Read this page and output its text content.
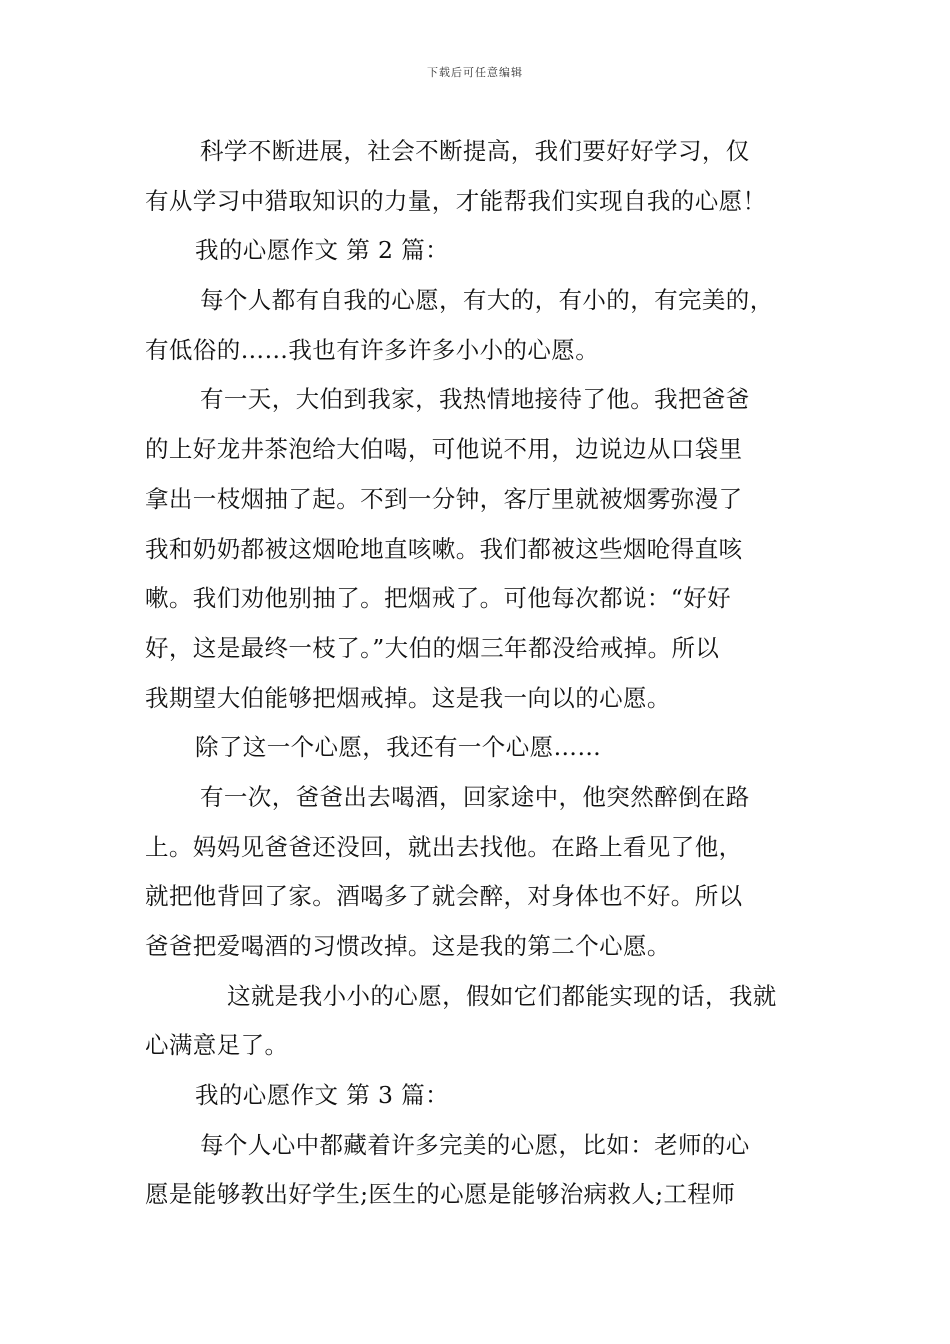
下载后可任意编辑
科学不断进展，社会不断提高，我们要好好学习，仅
有从学习中猎取知识的力量，才能帮我们实现自我的心愿！
我的心愿作文 第 2 篇：
每个人都有自我的心愿，有大的，有小的，有完美的，
有低俗的……我也有许多许多小小的心愿。
有一天，大伯到我家，我热情地接待了他。我把爸爸
的上好龙井茶泡给大伯喝，可他说不用，边说边从口袋里
拿出一枝烟抽了起。不到一分钟，客厅里就被烟雾弥漫了
我和奶奶都被这烟呛地直咳嗽。我们都被这些烟呛得直咳
嗽。我们劝他别抽了。把烟戒了。可他每次都说：“好好
好，这是最终一枝了。”大伯的烟三年都没给戒掉。所以
我期望大伯能够把烟戒掉。这是我一向以的心愿。
除了这一个心愿，我还有一个心愿……
有一次，爸爸出去喝酒，回家途中，他突然醉倒在路
上。妈妈见爸爸还没回，就出去找他。在路上看见了他，
就把他背回了家。酒喝多了就会醉，对身体也不好。所以
爸爸把爱喝酒的习惯改掉。这是我的第二个心愿。
这就是我小小的心愿，假如它们都能实现的话，我就
心满意足了。
我的心愿作文 第 3 篇：
每个人心中都藏着许多完美的心愿，比如：老师的心
愿是能够教出好学生;医生的心愿是能够治病救人;工程师
